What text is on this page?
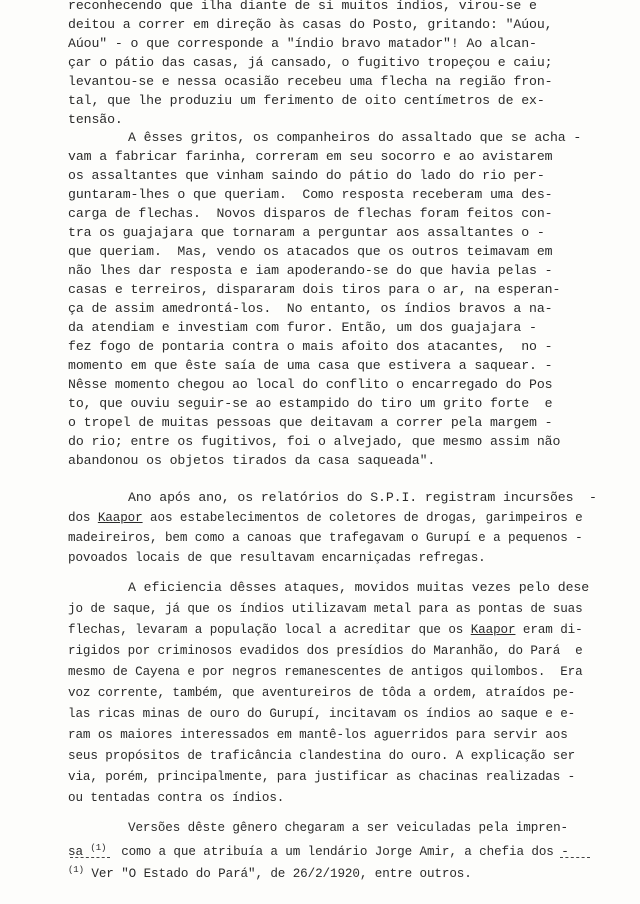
reconhecendo que ilha diante de si muitos índios, virou-se e

deitou a correr em direção às casas do Posto, gritando: "Aúou,

Aúou" - o que corresponde a "índio bravo matador"! Ao alcan-

çar o pátio das casas, já cansado, o fugitivo tropeçou e caiu;

levantou-se e nessa ocasião recebeu uma flecha na região fron-

tal, que lhe produziu um ferimento de oito centímetros de ex-

tensão.

A êsses gritos, os companheiros do assaltado que se acha -

vam a fabricar farinha, correram em seu socorro e ao avistarem

os assaltantes que vinham saindo do pátio do lado do rio per-

guntaram-lhes o que queriam.  Como resposta receberam uma des-

carga de flechas.  Novos disparos de flechas foram feitos con-

tra os guajajara que tornaram a perguntar aos assaltantes o -

que queriam.  Mas, vendo os atacados que os outros teimavam em

não lhes dar resposta e iam apoderando-se do que havia pelas -

casas e terreiros, dispararam dois tiros para o ar, na esperan-

ça de assim amedrontá-los.  No entanto, os índios bravos a na-

da atendiam e investiam com furor. Então, um dos guajajara -

fez fogo de pontaria contra o mais afoito dos atacantes,  no -

momento em que êste saía de uma casa que estivera a saquear. -

Nêsse momento chegou ao local do conflito o encarregado do Pos

to, que ouviu seguir-se ao estampido do tiro um grito forte  e

o tropel de muitas pessoas que deitavam a correr pela margem -

do rio; entre os fugitivos, foi o alvejado, que mesmo assim não

abandonou os objetos tirados da casa saqueada".

Ano após ano, os relatórios do S.P.I. registram incursões  -

dos Kaapor aos estabelecimentos de coletores de drogas, garimpeiros e

madeireiros, bem como a canoas que trafegavam o Gurupí e a pequenos -

povoados locais de que resultavam encarniçadas refregas.

A eficiencia dêsses ataques, movidos muitas vezes pelo dese

jo de saque, já que os índios utilizavam metal para as pontas de suas

flechas, levaram a população local a acreditar que os Kaapor eram di-

rigidos por criminosos evadidos dos presídios do Maranhão, do Pará  e

mesmo de Cayena e por negros remanescentes de antigos quilombos.  Era

voz corrente, também, que aventureiros de tôda a ordem, atraídos pe-

las ricas minas de ouro do Gurupí, incitavam os índios ao saque e e-

ram os maiores interessados em mantê-los aguerridos para servir aos

seus propósitos de traficância clandestina do ouro. A explicação ser

via, porém, principalmente, para justificar as chacinas realizadas -

ou tentadas contra os índios.

Versões dêste gênero chegaram a ser veiculadas pela impren-

sa $^{(1)}$ como a que atribuía a um lendário Jorge Amir, a chefia dos -

$^{(1)}$ Ver "O Estado do Pará", de 26/2/1920, entre outros.
